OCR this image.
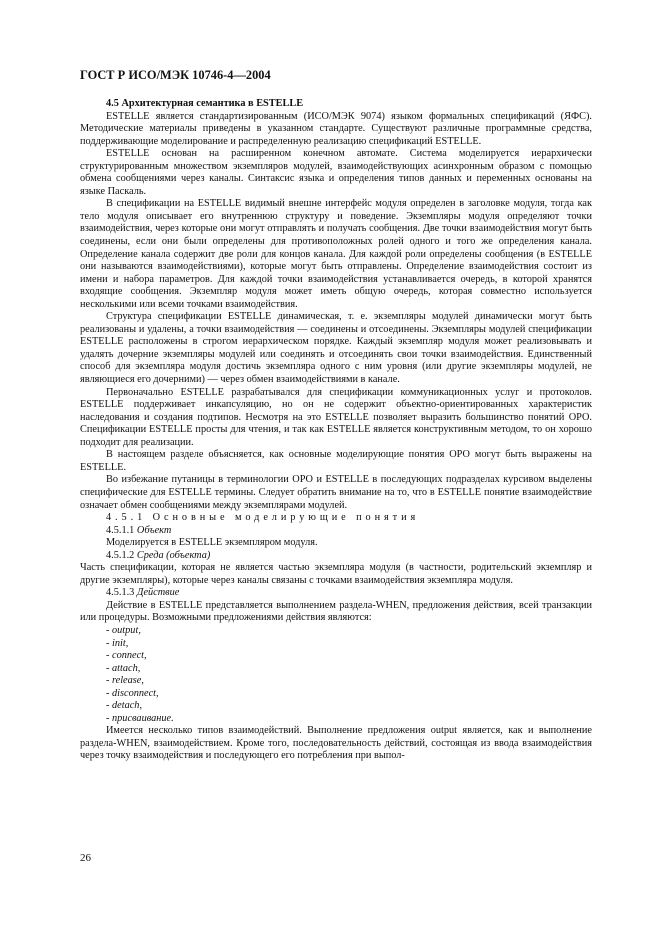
ГОСТ Р ИСО/МЭК 10746-4—2004

4.5 Архитектурная семантика в ESTELLE

ESTELLE является стандартизированным (ИСО/МЭК 9074) языком формальных спецификаций (ЯФС). Методические материалы приведены в указанном стандарте. Существуют различные программные средства, поддерживающие моделирование и распределенную реализацию спецификаций ESTELLE.

ESTELLE основан на расширенном конечном автомате. Система моделируется иерархически структурированным множеством экземпляров модулей, взаимодействующих асинхронным образом с помощью обмена сообщениями через каналы. Синтаксис языка и определения типов данных и переменных основаны на языке Паскаль.

В спецификации на ESTELLE видимый внешне интерфейс модуля определен в заголовке модуля, тогда как тело модуля описывает его внутреннюю структуру и поведение. Экземпляры модуля определяют точки взаимодействия, через которые они могут отправлять и получать сообщения. Две точки взаимодействия могут быть соединены, если они были определены для противоположных ролей одного и того же определения канала. Определение канала содержит две роли для концов канала. Для каждой роли определены сообщения (в ESTELLE они называются взаимодействиями), которые могут быть отправлены. Определение взаимодействия состоит из имени и набора параметров. Для каждой точки взаимодействия устанавливается очередь, в которой хранятся входящие сообщения. Экземпляр модуля может иметь общую очередь, которая совместно используется несколькими или всеми точками взаимодействия.

Структура спецификации ESTELLE динамическая, т. е. экземпляры модулей динамически могут быть реализованы и удалены, а точки взаимодействия — соединены и отсоединены. Экземпляры модулей спецификации ESTELLE расположены в строгом иерархическом порядке. Каждый экземпляр модуля может реализовывать и удалять дочерние экземпляры модулей или соединять и отсоединять свои точки взаимодействия. Единственный способ для экземпляра модуля достичь экземпляра одного с ним уровня (или другие экземпляры модулей, не являющиеся его дочерними) — через обмен взаимодействиями в канале.

Первоначально ESTELLE разрабатывался для спецификации коммуникационных услуг и протоколов. ESTELLE поддерживает инкапсуляцию, но он не содержит объектно-ориентированных характеристик наследования и создания подтипов. Несмотря на это ESTELLE позволяет выразить большинство понятий ОРО. Спецификации ESTELLE просты для чтения, и так как ESTELLE является конструктивным методом, то он хорошо подходит для реализации.

В настоящем разделе объясняется, как основные моделирующие понятия ОРО могут быть выражены на ESTELLE.

Во избежание путаницы в терминологии ОРО и ESTELLE в последующих подразделах курсивом выделены специфические для ESTELLE термины. Следует обратить внимание на то, что в ESTELLE понятие взаимодействие означает обмен сообщениями между экземплярами модулей.

4.5.1 Основные моделирующие понятия

4.5.1.1 Объект

Моделируется в ESTELLE экземпляром модуля.

4.5.1.2 Среда (объекта)

Часть спецификации, которая не является частью экземпляра модуля (в частности, родительский экземпляр и другие экземпляры), которые через каналы связаны с точками взаимодействия экземпляра модуля.

4.5.1.3 Действие

Действие в ESTELLE представляется выполнением раздела-WHEN, предложения действия, всей транзакции или процедуры. Возможными предложениями действия являются:

- output,
- init,
- connect,
- attach,
- release,
- disconnect,
- detach,
- присваивание.

Имеется несколько типов взаимодействий. Выполнение предложения output является, как и выполнение раздела-WHEN, взаимодействием. Кроме того, последовательность действий, состоящая из ввода взаимодействия через точку взаимодействия и последующего его потребления при выпол-

26
